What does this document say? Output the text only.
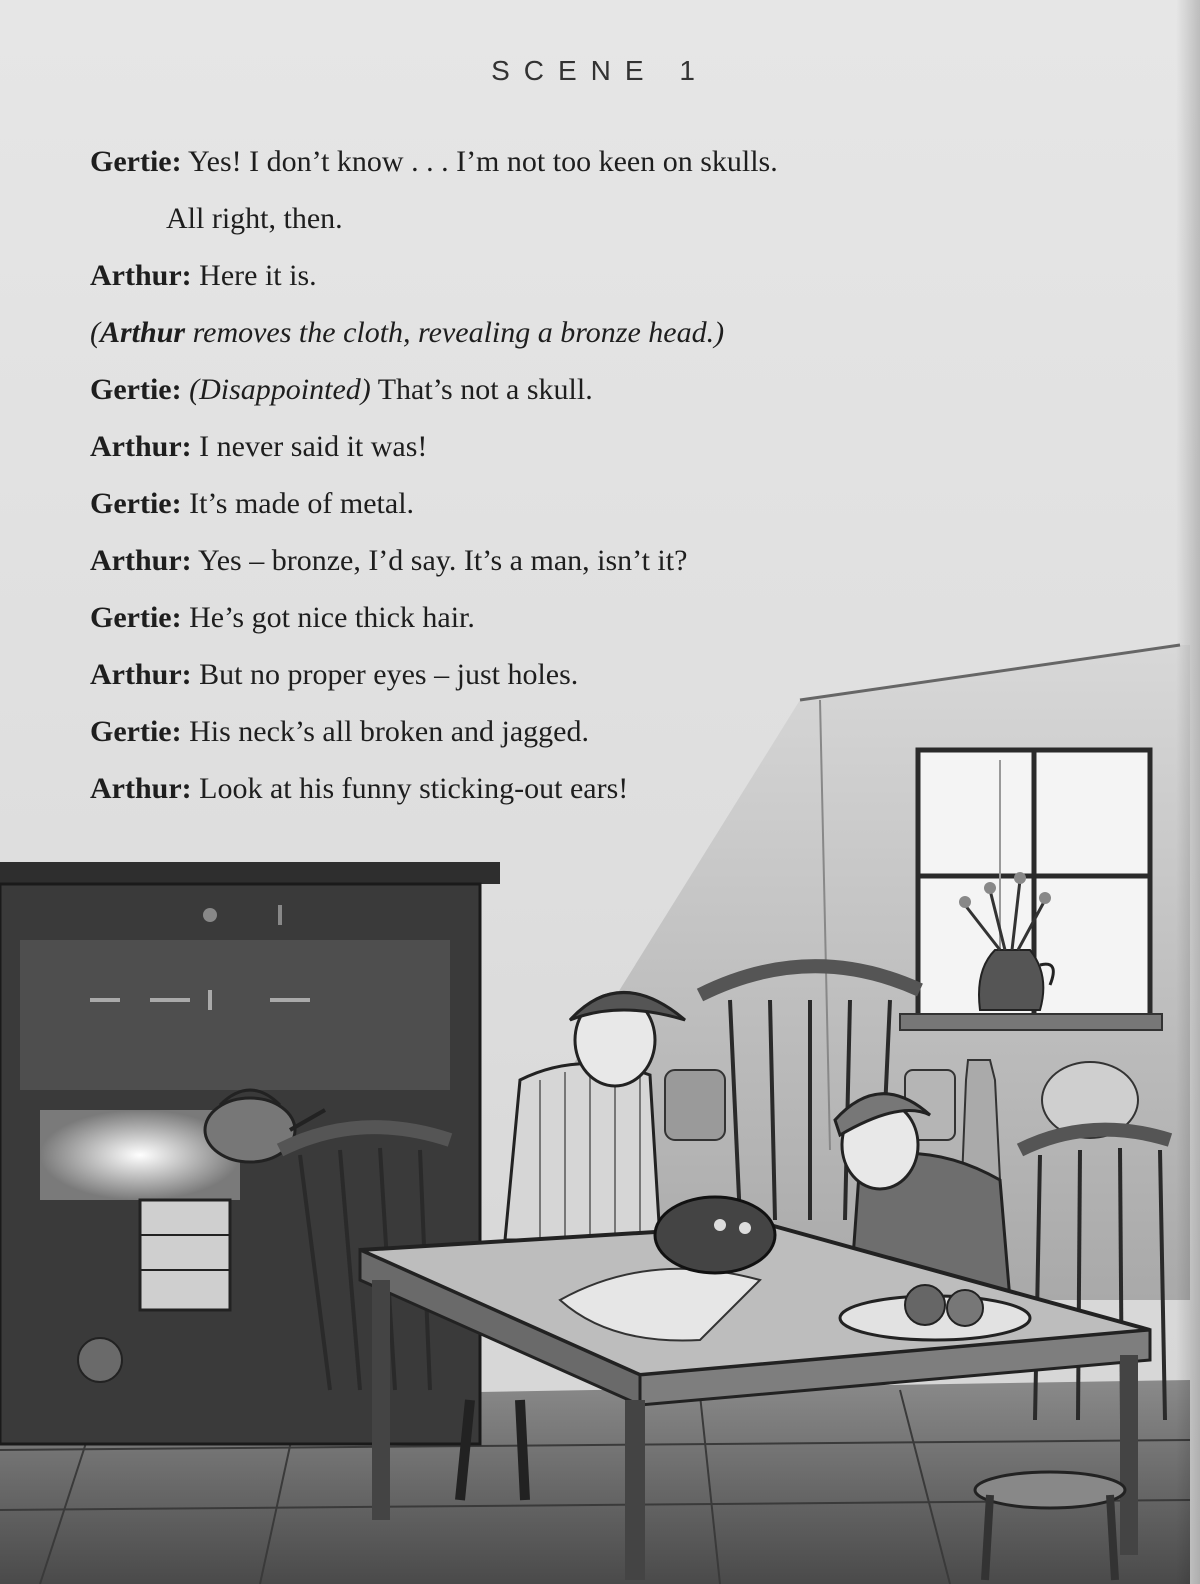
SCENE 1
Gertie: Yes! I don’t know . . . I’m not too keen on skulls.
All right, then.
Arthur: Here it is.
(Arthur removes the cloth, revealing a bronze head.)
Gertie: (Disappointed) That’s not a skull.
Arthur: I never said it was!
Gertie: It’s made of metal.
Arthur: Yes – bronze, I’d say. It’s a man, isn’t it?
Gertie: He’s got nice thick hair.
Arthur: But no proper eyes – just holes.
Gertie: His neck’s all broken and jagged.
Arthur: Look at his funny sticking-out ears!
